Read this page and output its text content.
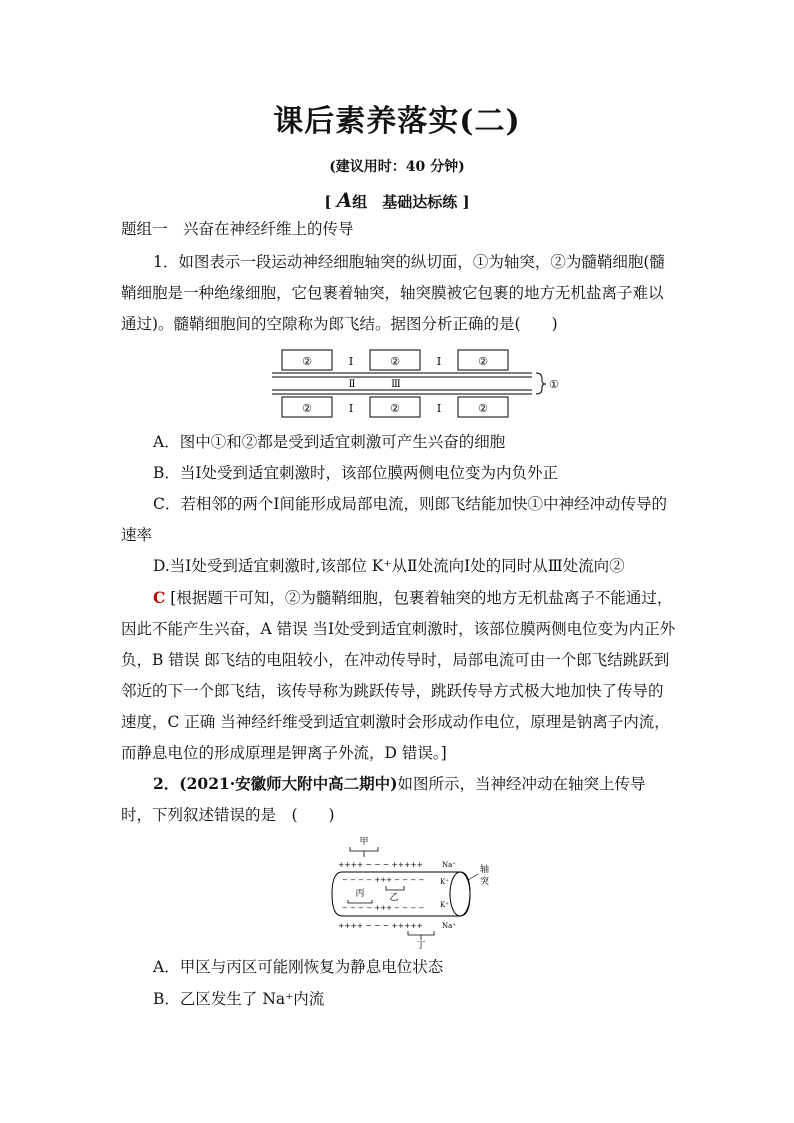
课后素养落实(二)
(建议用时：40 分钟)
[ A组　基础达标练 ]
题组一　兴奋在神经纤维上的传导
1．如图表示一段运动神经细胞轴突的纵切面，①为轴突，②为髓鞘细胞(髓鞘细胞是一种绝缘细胞，它包裹着轴突，轴突膜被它包裹的地方无机盐离子难以通过)。髓鞘细胞间的空隙称为郎飞结。据图分析正确的是(　　)
②	②	②
Ⅰ	Ⅰ
Ⅱ	Ⅲ	①
②	②	②
Ⅰ	Ⅰ
A．图中①和②都是受到适宜刺激可产生兴奋的细胞
B．当Ⅰ处受到适宜刺激时，该部位膜两侧电位变为内负外正
C．若相邻的两个Ⅰ间能形成局部电流，则郎飞结能加快①中神经冲动传导的速率
D.当Ⅰ处受到适宜刺激时,该部位 K⁺从Ⅱ处流向Ⅰ处的同时从Ⅲ处流向②
C [根据题干可知，②为髓鞘细胞，包裹着轴突的地方无机盐离子不能通过，因此不能产生兴奋，A 错误 当Ⅰ处受到适宜刺激时，该部位膜两侧电位变为内正外负，B 错误 郎飞结的电阻较小，在冲动传导时，局部电流可由一个郎飞结跳跃到邻近的下一个郎飞结，该传导称为跳跃传导，跳跃传导方式极大地加快了传导的速度，C 正确 当神经纤维受到适宜刺激时会形成动作电位，原理是钠离子内流，而静息电位的形成原理是钾离子外流，D 错误。]
2．(2021·安徽师大附中高二期中)如图所示，当神经冲动在轴突上传导时，下列叙述错误的是　(　　)
甲
++++ − − − +++++	Na⁺
− − − − +++ − − − − K⁺
丙	乙
− − − − +++ − − − − K⁺
++++ − − − +++++	Na⁺
丁
轴
突
A．甲区与丙区可能刚恢复为静息电位状态
B．乙区发生了 Na⁺内流
